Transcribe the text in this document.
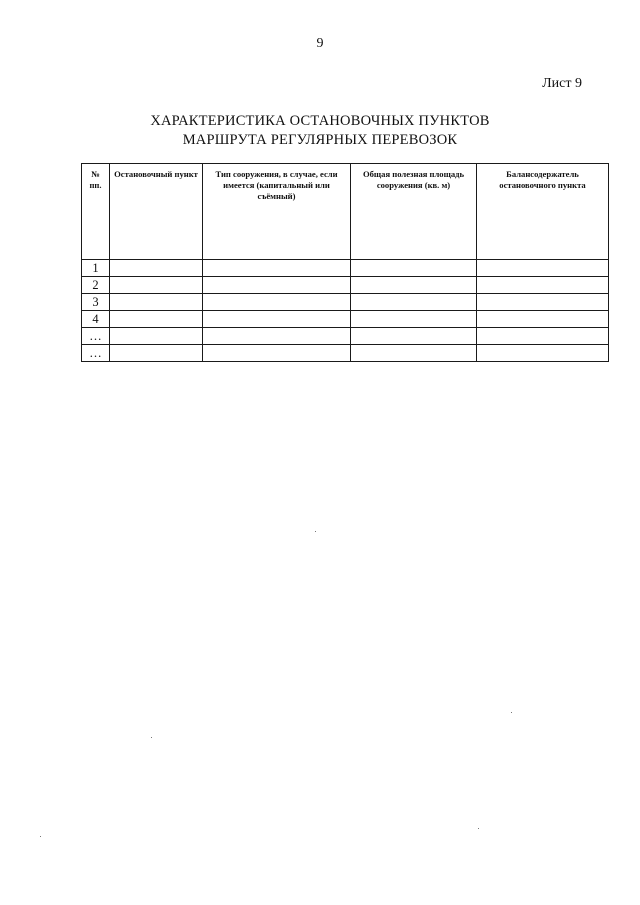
9
Лист 9
ХАРАКТЕРИСТИКА ОСТАНОВОЧНЫХ ПУНКТОВ
МАРШРУТА РЕГУЛЯРНЫХ ПЕРЕВОЗОК
№ пп.	Остановочный пункт	Тип сооружения, в случае, если имеется (капитальный или съёмный)	Общая полезная площадь сооружения (кв. м)	Балансодержатель остановочного пункта
1				
2				
3				
4				
…				
…				
